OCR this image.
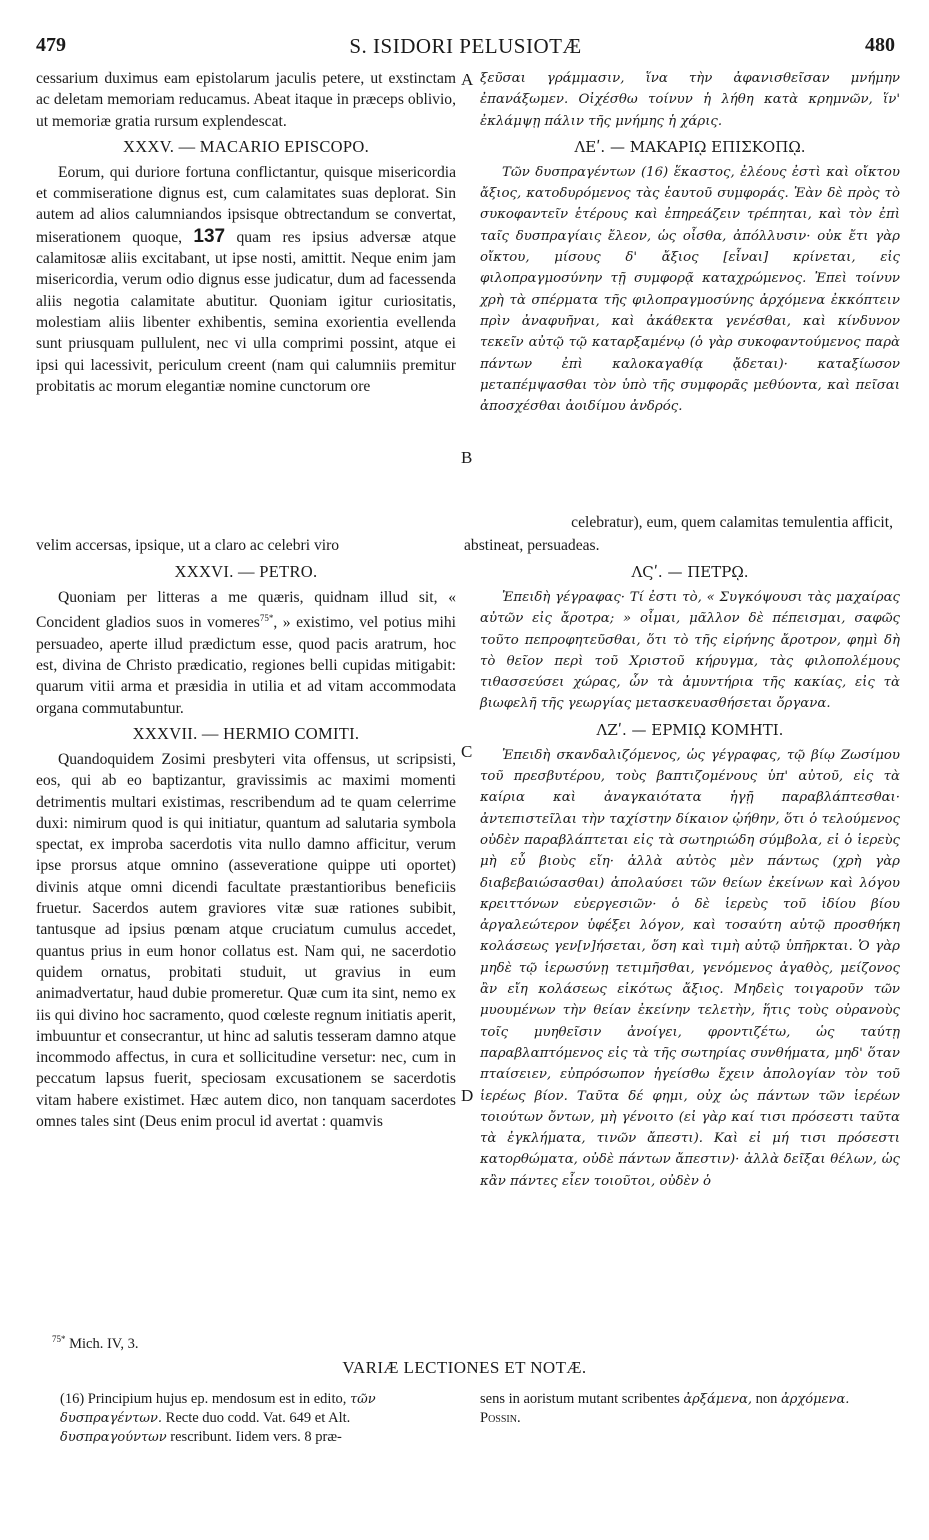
479	S. ISIDORI PELUSIOTÆ	480

cessarium duximus eam epistolarum jaculis petere, ut exstinctam ac deletam memoriam reducamus. Abeat itaque in præceps oblivio, ut memoriæ gratia rursum explendescat.

XXXV. — MACARIO EPISCOPO.

Eorum, qui duriore fortuna conflictantur, quisque misericordia et commiseratione dignus est, cum calamitates suas deplorat. Sin autem ad alios calumniandos ipsisque obtrectandum se convertat, miserationem quoque, 137 quam res ipsius adversæ atque calamitosæ aliis excitabant, ut ipse nosti, amittit. Neque enim jam misericordia, verum odio dignus esse judicatur, dum ad facessenda aliis negotia calamitate abutitur. Quoniam igitur curiositatis, molestiam aliis libenter exhibentis, semina exorientia evellenda sunt priusquam pullulent, nec vi ulla comprimi possint, atque ei ipsi qui lacessivit, periculum creent (nam qui calumniis premitur probitatis ac morum elegantiæ nomine cunctorum ore

ξεῦσαι γράμμασιν, ἵνα τὴν ἀφανισθεῖσαν μνήμην ἐπανάξωμεν. Οἰχέσθω τοίνυν ἡ λήθη κατὰ κρημνῶν, ἵν' ἐκλάμψῃ πάλιν τῆς μνήμης ἡ χάρις.

ΛΕʹ. — ΜΑΚΑΡΙῼ ΕΠΙΣΚΟΠῼ.

Τῶν δυσπραγέντων (16) ἕκαστος, ἐλέους ἐστὶ καὶ οἴκτου ἄξιος, κατοδυρόμενος τὰς ἑαυτοῦ συμφοράς. Ἐὰν δὲ πρὸς τὸ συκοφαντεῖν ἑτέρους καὶ ἐπηρεάζειν τρέπηται, καὶ τὸν ἐπὶ ταῖς δυσπραγίαις ἔλεον, ὡς οἶσθα, ἀπόλλυσιν· οὐκ ἔτι γὰρ οἴκτου, μίσους δ' ἄξιος [εἶναι] κρίνεται, εἰς φιλοπραγμοσύνην τῇ συμφορᾷ καταχρώμενος. Ἐπεὶ τοίνυν χρὴ τὰ σπέρματα τῆς φιλοπραγμοσύνης ἀρχόμενα ἐκκόπτειν πρὶν ἀναφυῆναι, καὶ ἀκάθεκτα γενέσθαι, καὶ κίνδυνον τεκεῖν αὐτῷ τῷ καταρξαμένῳ (ὁ γὰρ συκοφαντούμενος παρὰ πάντων ἐπὶ καλοκαγαθίᾳ ᾄδεται)· καταξίωσον μεταπέμψασθαι τὸν ὑπὸ τῆς συμφορᾶς μεθύοντα, καὶ πεῖσαι ἀποσχέσθαι ἀοιδίμου ἀνδρός.

celebratur), eum, quem calamitas temulentia afficit,
velim accersas, ipsique, ut a claro ac celebri viro	abstineat, persuadeas.

XXXVI. — PETRO.

Quoniam per litteras a me quæris, quidnam illud sit, « Concident gladios suos in vomeres$^{75*}$, » existimo, vel potius mihi persuadeo, aperte illud prædictum esse, quod pacis aratrum, hoc est, divina de Christo prædicatio, regiones belli cupidas mitigabit: quarum vitii arma et præsidia in utilia et ad vitam accommodata organa commutabuntur.

XXXVII. — HERMIO COMITI.

Quandoquidem Zosimi presbyteri vita offensus, ut scripsisti, eos, qui ab eo baptizantur, gravissimis ac maximi momenti detrimentis multari existimas, rescribendum ad te quam celerrime duxi: nimirum quod is qui initiatur, quantum ad salutaria symbola spectat, ex improba sacerdotis vita nullo damno afficitur, verum ipse prorsus atque omnino (asseveratione quippe uti oportet) divinis atque omni dicendi facultate præstantioribus beneficiis fruetur. Sacerdos autem graviores vitæ suæ rationes subibit, tantusque ad ipsius pœnam atque cruciatum cumulus accedet, quantus prius in eum honor collatus est. Nam qui, ne sacerdotio quidem ornatus, probitati studuit, ut gravius in eum animadvertatur, haud dubie promeretur. Quæ cum ita sint, nemo ex iis qui divino hoc sacramento, quod cœleste regnum initiatis aperit, imbuuntur et consecrantur, ut hinc ad salutis tesseram damno atque incommodo affectus, in cura et sollicitudine versetur: nec, cum in peccatum lapsus fuerit, speciosam excusationem se sacerdotis vitam habere existimet. Hæc autem dico, non tanquam sacerdotes omnes tales sint (Deus enim procul id avertat : quamvis

ΛϚʹ. — ΠΕΤΡῼ.

Ἐπειδὴ γέγραφας· Τί ἐστι τὸ, « Συγκόψουσι τὰς μαχαίρας αὐτῶν εἰς ἄροτρα; » οἶμαι, μᾶλλον δὲ πέπεισμαι, σαφῶς τοῦτο πεπροφητεῦσθαι, ὅτι τὸ τῆς εἰρήνης ἄροτρον, φημὶ δὴ τὸ θεῖον περὶ τοῦ Χριστοῦ κήρυγμα, τὰς φιλοπολέμους τιθασσεύσει χώρας, ὧν τὰ ἀμυντήρια τῆς κακίας, εἰς τὰ βιωφελῆ τῆς γεωργίας μετασκευασθήσεται ὄργανα.

ΛΖʹ. — ΕΡΜΙῼ ΚΟΜΗΤΙ.

Ἐπειδὴ σκανδαλιζόμενος, ὡς γέγραφας, τῷ βίῳ Ζωσίμου τοῦ πρεσβυτέρου, τοὺς βαπτιζομένους ὑπ' αὐτοῦ, εἰς τὰ καίρια καὶ ἀναγκαιότατα ἡγῇ παραβλάπτεσθαι· ἀντεπιστεῖλαι τὴν ταχίστην δίκαιον ᾠήθην, ὅτι ὁ τελούμενος οὐδὲν παραβλάπτεται εἰς τὰ σωτηριώδη σύμβολα, εἰ ὁ ἱερεὺς μὴ εὖ βιοὺς εἴη· ἀλλὰ αὐτὸς μὲν πάντως (χρὴ γὰρ διαβεβαιώσασθαι) ἀπολαύσει τῶν θείων ἐκείνων καὶ λόγου κρειττόνων εὐεργεσιῶν· ὁ δὲ ἱερεὺς τοῦ ἰδίου βίου ἀργαλεώτερον ὑφέξει λόγον, καὶ τοσαύτη αὐτῷ προσθήκη κολάσεως γεν[ν]ήσεται, ὅση καὶ τιμὴ αὐτῷ ὑπῆρκται. Ὁ γὰρ μηδὲ τῷ ἱερωσύνῃ τετιμῆσθαι, γενόμενος ἀγαθὸς, μείζονος ἂν εἴη κολάσεως εἰκότως ἄξιος. Μηδεὶς τοιγαροῦν τῶν μυουμένων τὴν θείαν ἐκείνην τελετὴν, ἥτις τοὺς οὐρανοὺς τοῖς μυηθεῖσιν ἀνοίγει, φροντιζέτω, ὡς ταύτῃ παραβλαπτόμενος εἰς τὰ τῆς σωτηρίας συνθήματα, μηδ' ὅταν πταίσειεν, εὐπρόσωπον ἡγείσθω ἔχειν ἀπολογίαν τὸν τοῦ ἱερέως βίον. Ταῦτα δέ φημι, οὐχ ὡς πάντων τῶν ἱερέων τοιούτων ὄντων, μὴ γένοιτο (εἰ γὰρ καί τισι πρόσεστι ταῦτα τὰ ἐγκλήματα, τινῶν ἄπεστι). Καὶ εἰ μή τισι πρόσεστι κατορθώματα, οὐδὲ πάντων ἄπεστιν)· ἀλλὰ δεῖξαι θέλων, ὡς κἂν πάντες εἶεν τοιοῦτοι, οὐδὲν ὁ

A
B
C
D
$^{75*}$ Mich. IV, 3.
VARIÆ LECTIONES ET NOTÆ.

(16) Principium hujus ep. mendosum est in edito, τῶν δυσπραγέντων. Recte duo codd. Vat. 649 et Alt. δυσπραγούντων rescribunt. Iidem vers. 8 præ-

sens in aoristum mutant scribentes ἀρξάμενα, non ἀρχόμενα. Possin.
